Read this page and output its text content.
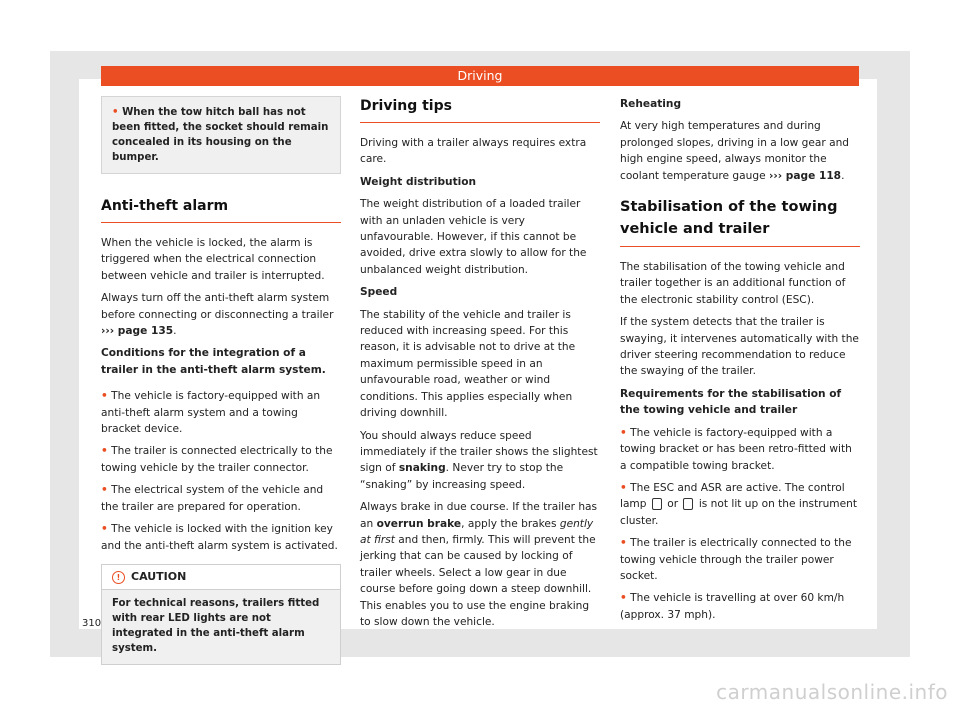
Driving
• When the tow hitch ball has not been fitted, the socket should remain concealed in its housing on the bumper.
Anti-theft alarm

When the vehicle is locked, the alarm is triggered when the electrical connection between vehicle and trailer is interrupted.

Always turn off the anti-theft alarm system before connecting or disconnecting a trailer ››› page 135.

Conditions for the integration of a trailer in the anti-theft alarm system.

• The vehicle is factory-equipped with an anti-theft alarm system and a towing bracket device.

• The trailer is connected electrically to the towing vehicle by the trailer connector.

• The electrical system of the vehicle and the trailer are prepared for operation.

• The vehicle is locked with the ignition key and the anti-theft alarm system is activated.

! CAUTION
For technical reasons, trailers fitted with rear LED lights are not integrated in the anti-theft alarm system.
Driving tips

Driving with a trailer always requires extra care.

Weight distribution

The weight distribution of a loaded trailer with an unladen vehicle is very unfavourable. However, if this cannot be avoided, drive extra slowly to allow for the unbalanced weight distribution.

Speed

The stability of the vehicle and trailer is reduced with increasing speed. For this reason, it is advisable not to drive at the maximum permissible speed in an unfavourable road, weather or wind conditions. This applies especially when driving downhill.

You should always reduce speed immediately if the trailer shows the slightest sign of snaking. Never try to stop the “snaking” by increasing speed.

Always brake in due course. If the trailer has an overrun brake, apply the brakes gently at first and then, firmly. This will prevent the jerking that can be caused by locking of trailer wheels. Select a low gear in due course before going down a steep downhill. This enables you to use the engine braking to slow down the vehicle.

Reheating

At very high temperatures and during prolonged slopes, driving in a low gear and high engine speed, always monitor the coolant temperature gauge ››› page 118.

Stabilisation of the towing vehicle and trailer

The stabilisation of the towing vehicle and trailer together is an additional function of the electronic stability control (ESC).

If the system detects that the trailer is swaying, it intervenes automatically with the driver steering recommendation to reduce the swaying of the trailer.

Requirements for the stabilisation of the towing vehicle and trailer

• The vehicle is factory-equipped with a towing bracket or has been retro-fitted with a compatible towing bracket.

• The ESC and ASR are active. The control lamp or is not lit up on the instrument cluster.

• The trailer is electrically connected to the towing vehicle through the trailer power socket.

• The vehicle is travelling at over 60 km/h (approx. 37 mph).

310
carmanualsonline.info
